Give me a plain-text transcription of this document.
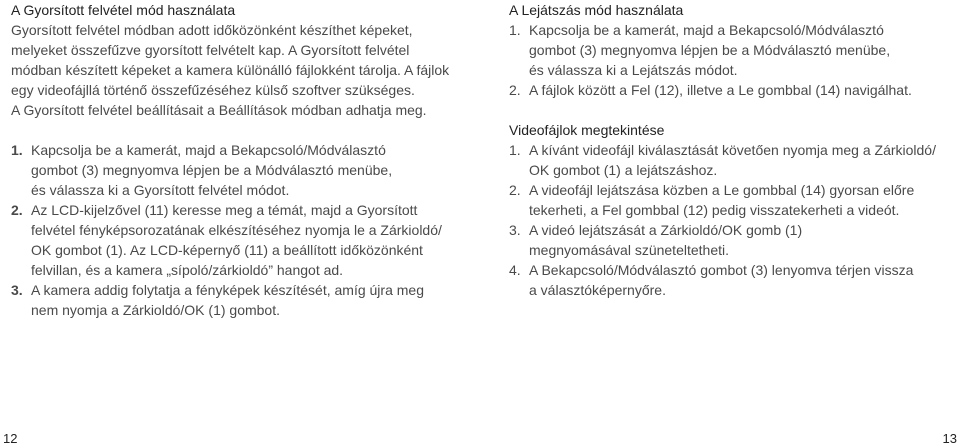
A Gyorsított felvétel mód használata

Gyorsított felvétel módban adott időközönként készíthet képeket,

melyeket összefűzve gyorsított felvételt kap. A Gyorsított felvétel

módban készített képeket a kamera különálló fájlokként tárolja. A fájlok

egy videofájllá történő összefűzéséhez külső szoftver szükséges.

A Gyorsított felvétel beállításait a Beállítások módban adhatja meg.

1. Kapcsolja be a kamerát, majd a Bekapcsoló/Módválasztó

gombot (3) megnyomva lépjen be a Módválasztó menübe,

és válassza ki a Gyorsított felvétel módot.

2. Az LCD-kijelzővel (11) keresse meg a témát, majd a Gyorsított

felvétel fényképsorozatának elkészítéséhez nyomja le a Zárkioldó/

OK gombot (1). Az LCD-képernyő (11) a beállított időközönként

felvillan, és a kamera „sípoló/zárkioldó” hangot ad.

3. A kamera addig folytatja a fényképek készítését, amíg újra meg

nem nyomja a Zárkioldó/OK (1) gombot.

A Lejátszás mód használata

1. Kapcsolja be a kamerát, majd a Bekapcsoló/Módválasztó

gombot (3) megnyomva lépjen be a Módválasztó menübe,

és válassza ki a Lejátszás módot.

2. A fájlok között a Fel (12), illetve a Le gombbal (14) navigálhat.

Videofájlok megtekintése

1. A kívánt videofájl kiválasztását követően nyomja meg a Zárkioldó/

OK gombot (1) a lejátszáshoz.

2. A videofájl lejátszása közben a Le gombbal (14) gyorsan előre

tekerheti, a Fel gombbal (12) pedig visszatekerheti a videót.

3. A videó lejátszását a Zárkioldó/OK gomb (1)

megnyomásával szüneteltetheti.

4. A Bekapcsoló/Módválasztó gombot (3) lenyomva térjen vissza

a választóképernyőre.

12	13
